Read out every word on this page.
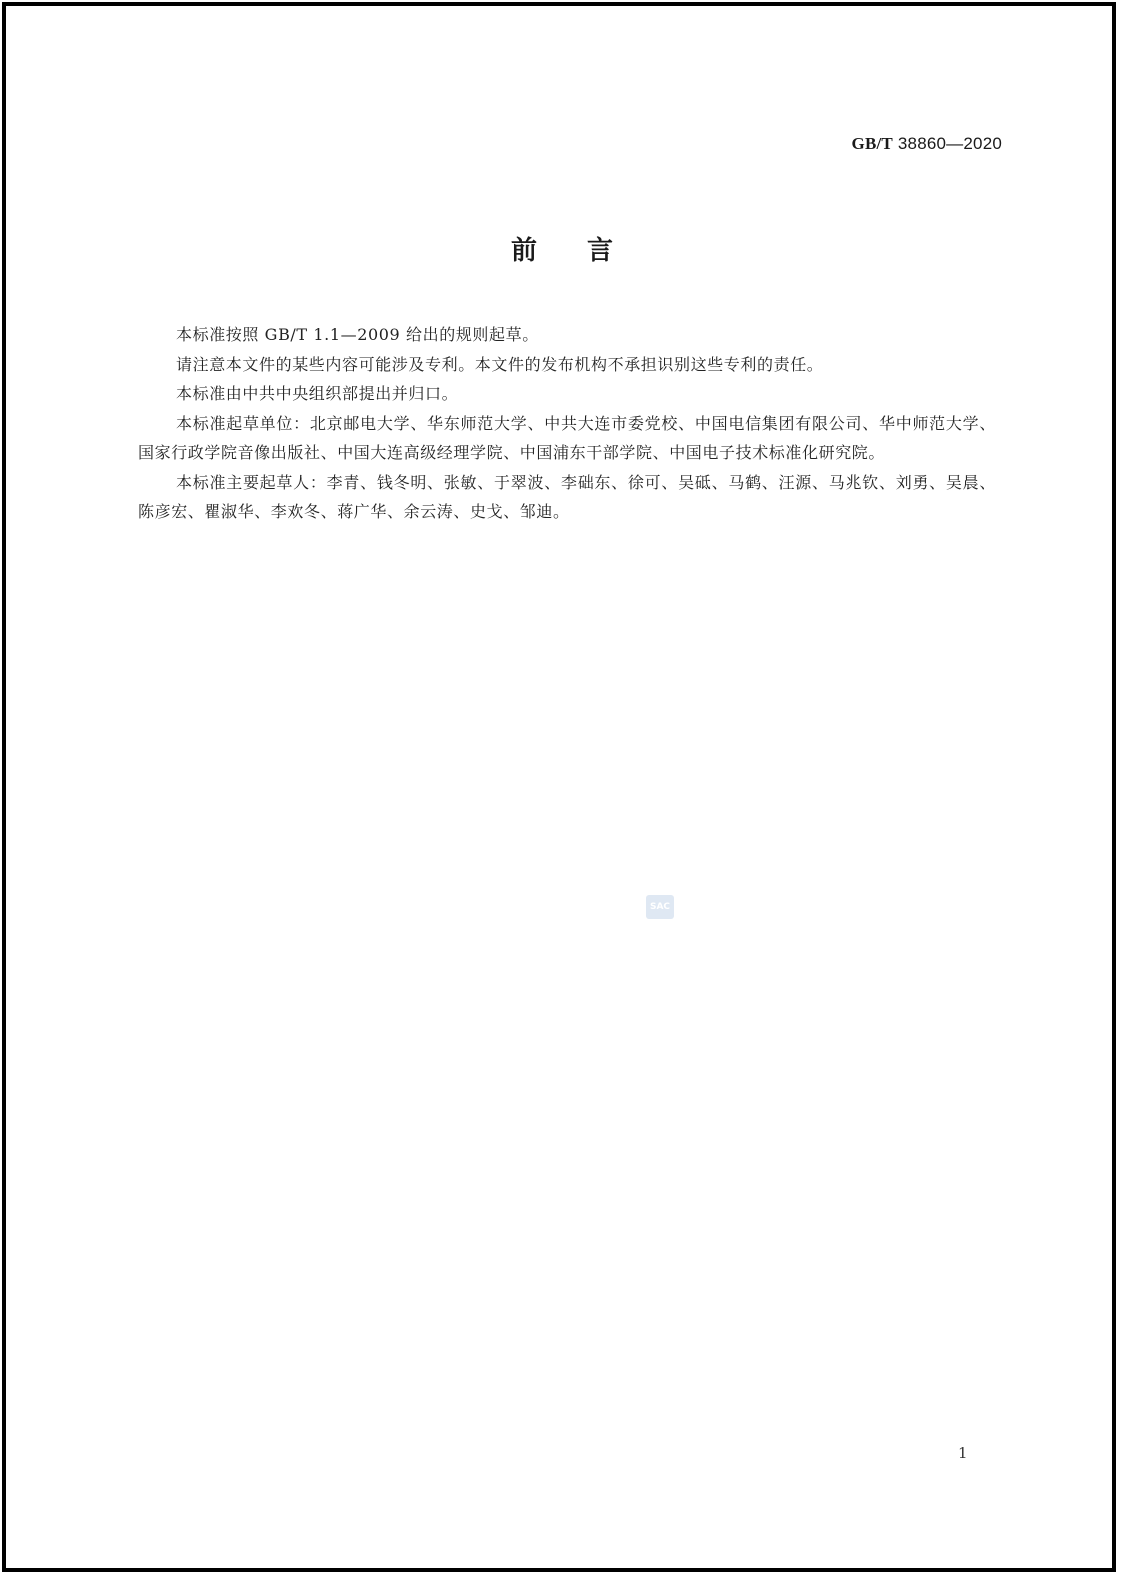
GB/T 38860—2020
前言

本标准按照 GB/T 1.1—2009 给出的规则起草。

请注意本文件的某些内容可能涉及专利。本文件的发布机构不承担识别这些专利的责任。

本标准由中共中央组织部提出并归口。

本标准起草单位：北京邮电大学、华东师范大学、中共大连市委党校、中国电信集团有限公司、华中师范大学、国家行政学院音像出版社、中国大连高级经理学院、中国浦东干部学院、中国电子技术标准化研究院。

本标准主要起草人：李青、钱冬明、张敏、于翠波、李础东、徐可、吴砥、马鹤、汪源、马兆钦、刘勇、吴晨、陈彦宏、瞿淑华、李欢冬、蒋广华、余云涛、史戈、邹迪。

SAC
1
